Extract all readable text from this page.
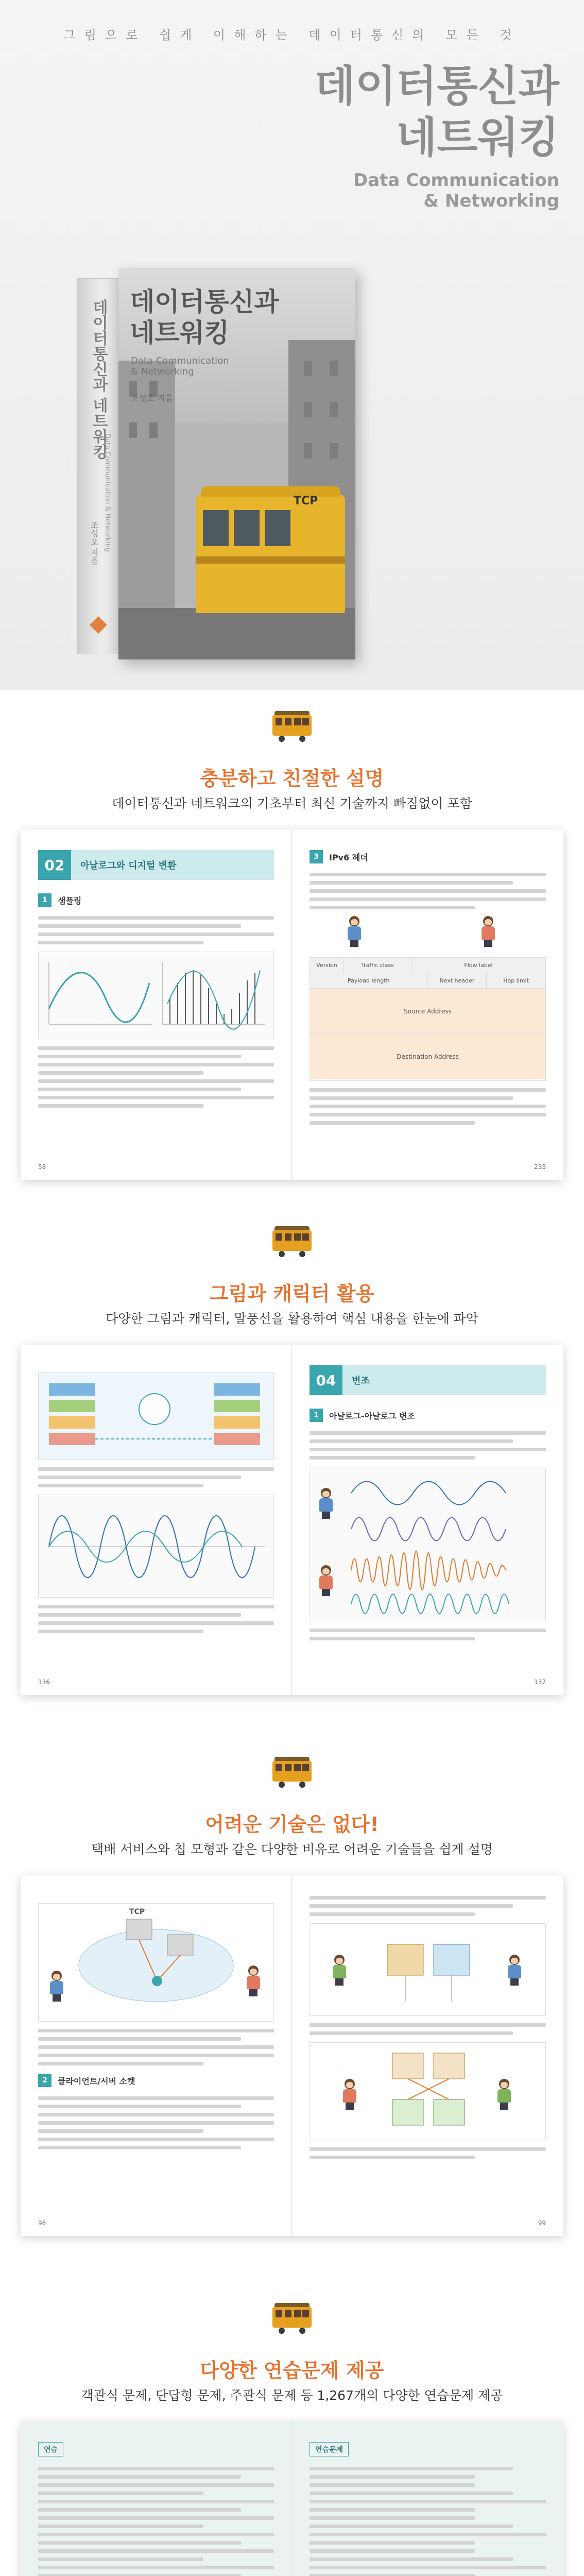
그림으로 쉽게 이해하는 데이터통신의 모든 것
데이터통신과
네트워킹
Data Communication
& Networking
데이터통신과 네트워킹
Data Communication & Networking
조성호 지음
데이터통신과
네트워킹
Data Communication
& Networking
조성호 지음
TCP
충분하고 친절한 설명
데이터통신과 네트워크의 기초부터 최신 기술까지 빠짐없이 포함
02	아날로그와 디지털 변환
1	샘플링
58
3	IPv6 헤더
Version	Traffic class	Flow label
Payload length	Next header	Hop limit
Source Address
Destination Address
235
그림과 캐릭터 활용
다양한 그림과 캐릭터, 말풍선을 활용하여 핵심 내용을 한눈에 파악
136
04	변조
1	아날로그-아날로그 변조
137
어려운 기술은 없다!
택배 서비스와 칩 모형과 같은 다양한 비유로 어려운 기술들을 쉽게 설명
TCP
2	클라이언트/서버 소켓
98	99
다양한 연습문제 제공
객관식 문제, 단답형 문제, 주관식 문제 등 1,267개의 다양한 연습문제 제공
연습	연습문제
